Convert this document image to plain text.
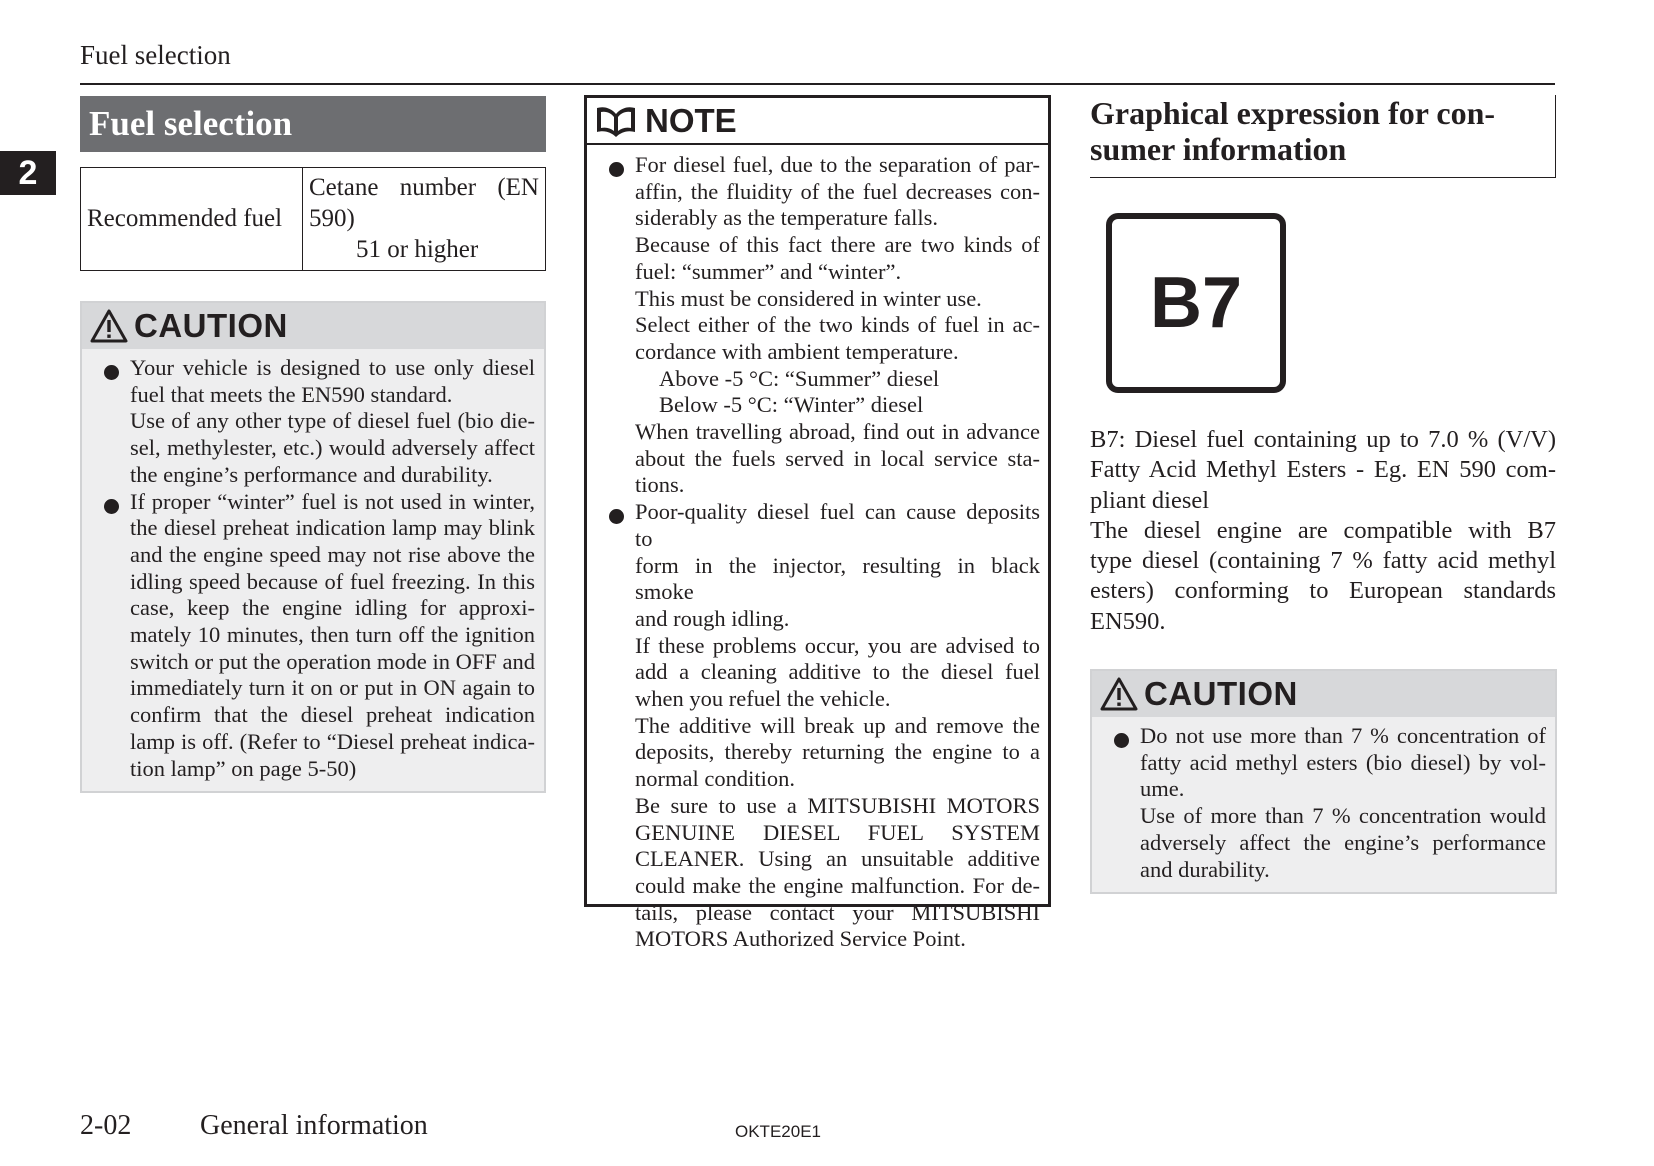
Fuel selection
2
Fuel selection
Recommended fuel
Cetane number (EN
590)
51 or higher
CAUTION
Your vehicle is designed to use only diesel
fuel that meets the EN590 standard.
Use of any other type of diesel fuel (bio die-
sel, methylester, etc.) would adversely affect
the engine’s performance and durability.
If proper “winter” fuel is not used in winter,
the diesel preheat indication lamp may blink
and the engine speed may not rise above the
idling speed because of fuel freezing. In this
case, keep the engine idling for approxi-
mately 10 minutes, then turn off the ignition
switch or put the operation mode in OFF and
immediately turn it on or put in ON again to
confirm that the diesel preheat indication
lamp is off. (Refer to “Diesel preheat indica-
tion lamp” on page 5-50)
NOTE
For diesel fuel, due to the separation of par-
affin, the fluidity of the fuel decreases con-
siderably as the temperature falls.
Because of this fact there are two kinds of
fuel: “summer” and “winter”.
This must be considered in winter use.
Select either of the two kinds of fuel in ac-
cordance with ambient temperature.
Above -5 °C: “Summer” diesel
Below -5 °C: “Winter” diesel
When travelling abroad, find out in advance
about the fuels served in local service sta-
tions.
Poor-quality diesel fuel can cause deposits to
form in the injector, resulting in black smoke
and rough idling.
If these problems occur, you are advised to
add a cleaning additive to the diesel fuel
when you refuel the vehicle.
The additive will break up and remove the
deposits, thereby returning the engine to a
normal condition.
Be sure to use a MITSUBISHI MOTORS
GENUINE DIESEL FUEL SYSTEM
CLEANER. Using an unsuitable additive
could make the engine malfunction. For de-
tails, please contact your MITSUBISHI
MOTORS Authorized Service Point.
Graphical expression for con-
sumer information
B7
B7: Diesel fuel containing up to 7.0 % (V/V)
Fatty Acid Methyl Esters - Eg. EN 590 com-
pliant diesel
The diesel engine are compatible with B7
type diesel (containing 7 % fatty acid methyl
esters) conforming to European standards
EN590.
CAUTION
Do not use more than 7 % concentration of
fatty acid methyl esters (bio diesel) by vol-
ume.
Use of more than 7 % concentration would
adversely affect the engine’s performance
and durability.
2-02 General information	OKTE20E1
